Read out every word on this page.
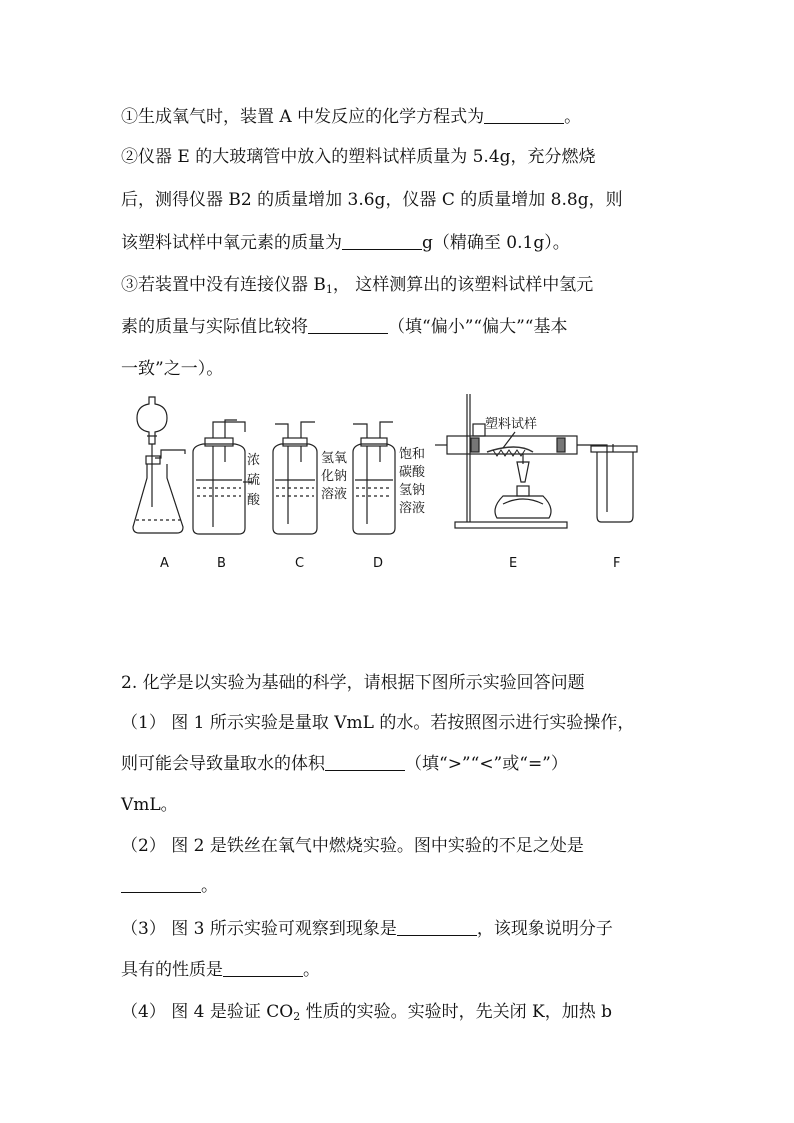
①生成氧气时，装置 A 中发反应的化学方程式为	。
②仪器 E 的大玻璃管中放入的塑料试样质量为 5.4g，充分燃烧
后，测得仪器 B2 的质量增加 3.6g，仪器 C 的质量增加 8.8g，则
该塑料试样中氧元素的质量为	g（精确至 0.1g）。
③若装置中没有连接仪器 $B_1$， 这样测算出的该塑料试样中氢元
素的质量与实际值比较将	（填“偏小”“偏大”“基本
一致”之一）。
浓
硫
酸
氢氧
化钠
溶液
饱和
碳酸
氢钠
溶液
塑料试样
A	B	C	D	E	F
2. 化学是以实验为基础的科学，请根据下图所示实验回答问题
（1） 图 1 所示实验是量取 VmL 的水。若按照图示进行实验操作，
则可能会导致量取水的体积	（填“>”“<”或“=”）
VmL。
（2） 图 2 是铁丝在氧气中燃烧实验。图中实验的不足之处是
。
（3） 图 3 所示实验可观察到现象是	，该现象说明分子
具有的性质是	。
（4） 图 4 是验证 $CO_2$ 性质的实验。实验时，先关闭 K，加热 b
